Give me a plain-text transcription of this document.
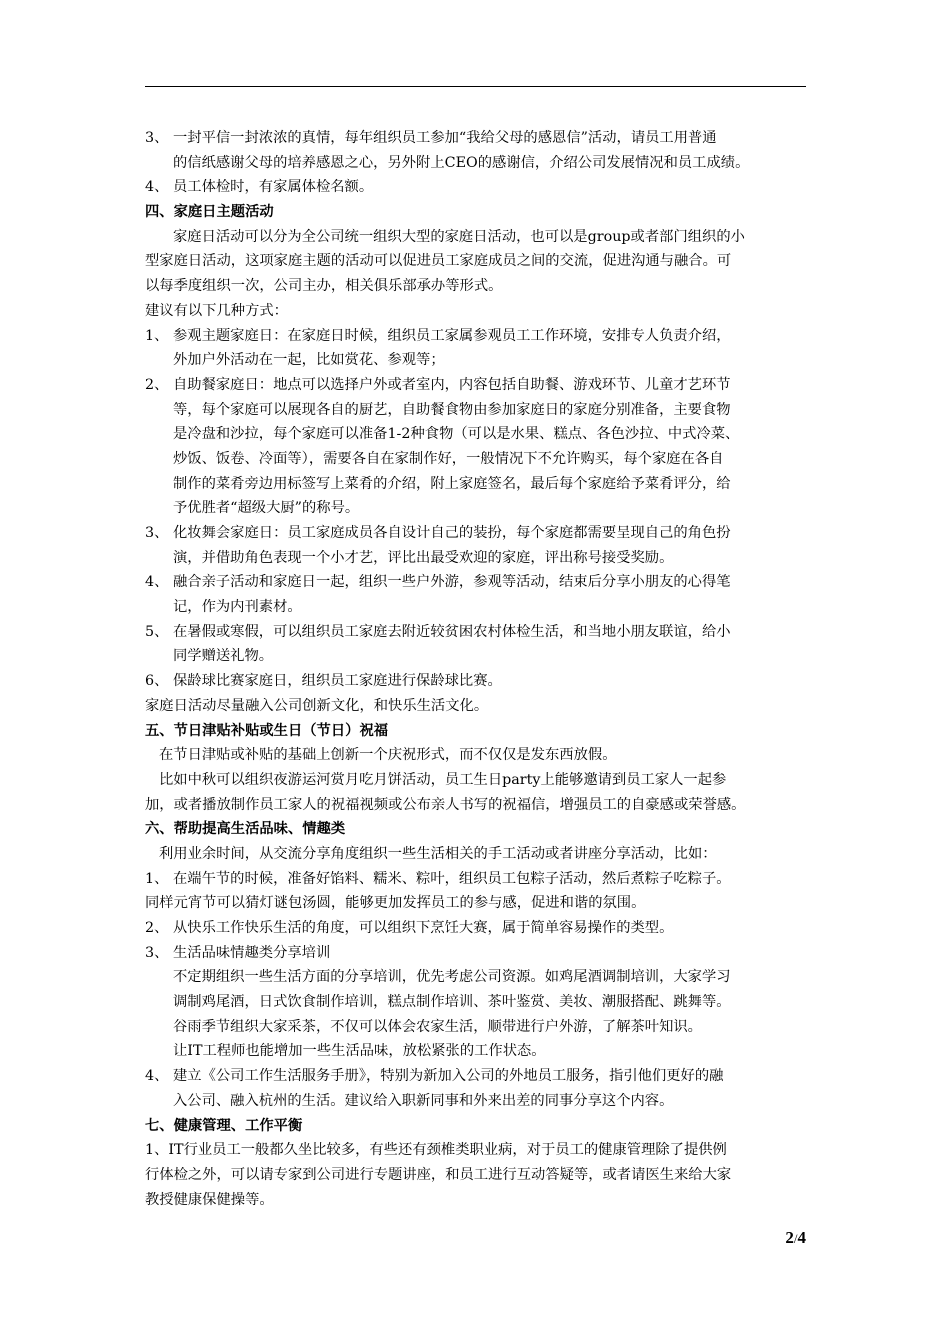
3、 一封平信一封浓浓的真情，每年组织员工参加“我给父母的感恩信”活动，请员工用普通
的信纸感谢父母的培养感恩之心，另外附上CEO的感谢信，介绍公司发展情况和员工成绩。
4、 员工体检时，有家属体检名额。
四、家庭日主题活动
家庭日活动可以分为全公司统一组织大型的家庭日活动，也可以是group或者部门组织的小
型家庭日活动，这项家庭主题的活动可以促进员工家庭成员之间的交流，促进沟通与融合。可
以每季度组织一次，公司主办，相关俱乐部承办等形式。
建议有以下几种方式：
1、 参观主题家庭日：在家庭日时候，组织员工家属参观员工工作环境，安排专人负责介绍，
外加户外活动在一起，比如赏花、参观等；
2、 自助餐家庭日：地点可以选择户外或者室内，内容包括自助餐、游戏环节、儿童才艺环节
等，每个家庭可以展现各自的厨艺，自助餐食物由参加家庭日的家庭分别准备，主要食物
是冷盘和沙拉，每个家庭可以准备1-2种食物（可以是水果、糕点、各色沙拉、中式冷菜、
炒饭、饭卷、冷面等），需要各自在家制作好，一般情况下不允许购买，每个家庭在各自
制作的菜肴旁边用标签写上菜肴的介绍，附上家庭签名，最后每个家庭给予菜肴评分，给
予优胜者“超级大厨”的称号。
3、 化妆舞会家庭日：员工家庭成员各自设计自己的装扮，每个家庭都需要呈现自己的角色扮
演，并借助角色表现一个小才艺，评比出最受欢迎的家庭，评出称号接受奖励。
4、 融合亲子活动和家庭日一起，组织一些户外游，参观等活动，结束后分享小朋友的心得笔
记，作为内刊素材。
5、 在暑假或寒假，可以组织员工家庭去附近较贫困农村体检生活，和当地小朋友联谊，给小
同学赠送礼物。
6、 保龄球比赛家庭日，组织员工家庭进行保龄球比赛。
家庭日活动尽量融入公司创新文化，和快乐生活文化。
五、节日津贴补贴或生日（节日）祝福
在节日津贴或补贴的基础上创新一个庆祝形式，而不仅仅是发东西放假。
比如中秋可以组织夜游运河赏月吃月饼活动，员工生日party上能够邀请到员工家人一起参
加，或者播放制作员工家人的祝福视频或公布亲人书写的祝福信，增强员工的自豪感或荣誉感。
六、帮助提高生活品味、情趣类
利用业余时间，从交流分享角度组织一些生活相关的手工活动或者讲座分享活动，比如：
1、 在端午节的时候，准备好馅料、糯米、粽叶，组织员工包粽子活动，然后煮粽子吃粽子。
同样元宵节可以猜灯谜包汤圆，能够更加发挥员工的参与感，促进和谐的氛围。
2、 从快乐工作快乐生活的角度，可以组织下烹饪大赛，属于简单容易操作的类型。
3、 生活品味情趣类分享培训
不定期组织一些生活方面的分享培训，优先考虑公司资源。如鸡尾酒调制培训，大家学习
调制鸡尾酒，日式饮食制作培训，糕点制作培训、茶叶鉴赏、美妆、潮服搭配、跳舞等。
谷雨季节组织大家采茶，不仅可以体会农家生活，顺带进行户外游，了解茶叶知识。
让IT工程师也能增加一些生活品味，放松紧张的工作状态。
4、 建立《公司工作生活服务手册》，特别为新加入公司的外地员工服务，指引他们更好的融
入公司、融入杭州的生活。建议给入职新同事和外来出差的同事分享这个内容。
七、健康管理、工作平衡
1、IT行业员工一般都久坐比较多，有些还有颈椎类职业病，对于员工的健康管理除了提供例
行体检之外，可以请专家到公司进行专题讲座，和员工进行互动答疑等，或者请医生来给大家
教授健康保健操等。
2/4
